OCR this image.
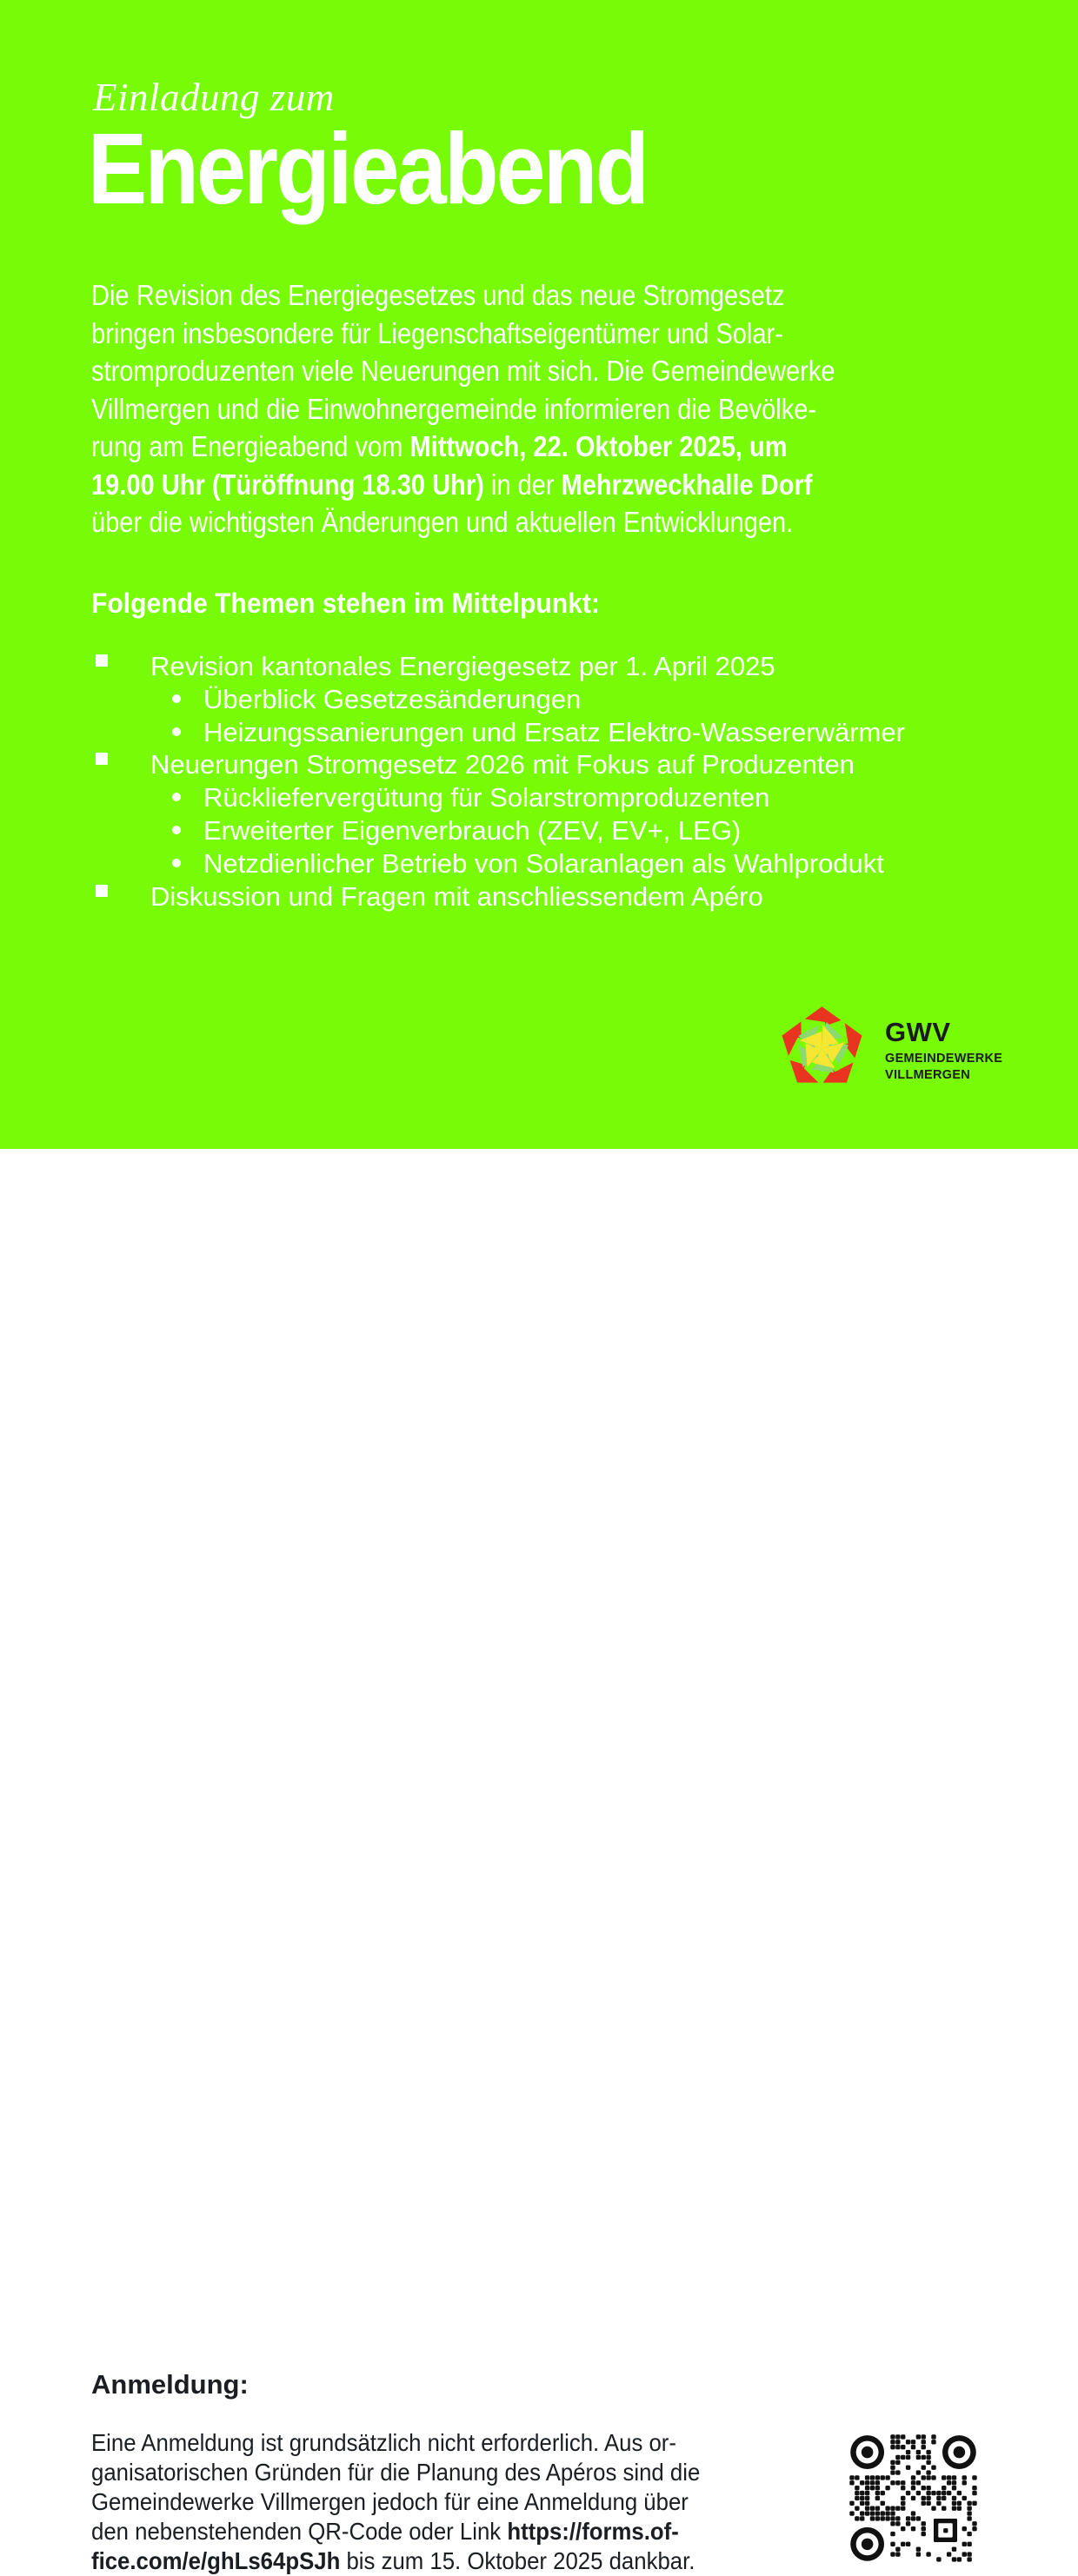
Einladung zum
Energieabend
Die Revision des Energiegesetzes und das neue Stromgesetz
bringen insbesondere für Liegenschaftseigentümer und Solar-
stromproduzenten viele Neuerungen mit sich. Die Gemeindewerke
Villmergen und die Einwohnergemeinde informieren die Bevölke-
rung am Energieabend vom Mittwoch, 22. Oktober 2025, um
19.00 Uhr (Türöffnung 18.30 Uhr) in der Mehrzweckhalle Dorf
über die wichtigsten Änderungen und aktuellen Entwicklungen.
Folgende Themen stehen im Mittelpunkt:
Revision kantonales Energiegesetz per 1. April 2025
Überblick Gesetzesänderungen
Heizungssanierungen und Ersatz Elektro-Wassererwärmer
Neuerungen Stromgesetz 2026 mit Fokus auf Produzenten
Rückliefervergütung für Solarstromproduzenten
Erweiterter Eigenverbrauch (ZEV, EV+, LEG)
Netzdienlicher Betrieb von Solaranlagen als Wahlprodukt
Diskussion und Fragen mit anschliessendem Apéro
GWV
GEMEINDEWERKE
VILLMERGEN
Anmeldung:
Eine Anmeldung ist grundsätzlich nicht erforderlich. Aus or-
ganisatorischen Gründen für die Planung des Apéros sind die
Gemeindewerke Villmergen jedoch für eine Anmeldung über
den nebenstehenden QR-Code oder Link https://forms.of-
fice.com/e/ghLs64pSJh bis zum 15. Oktober 2025 dankbar.
